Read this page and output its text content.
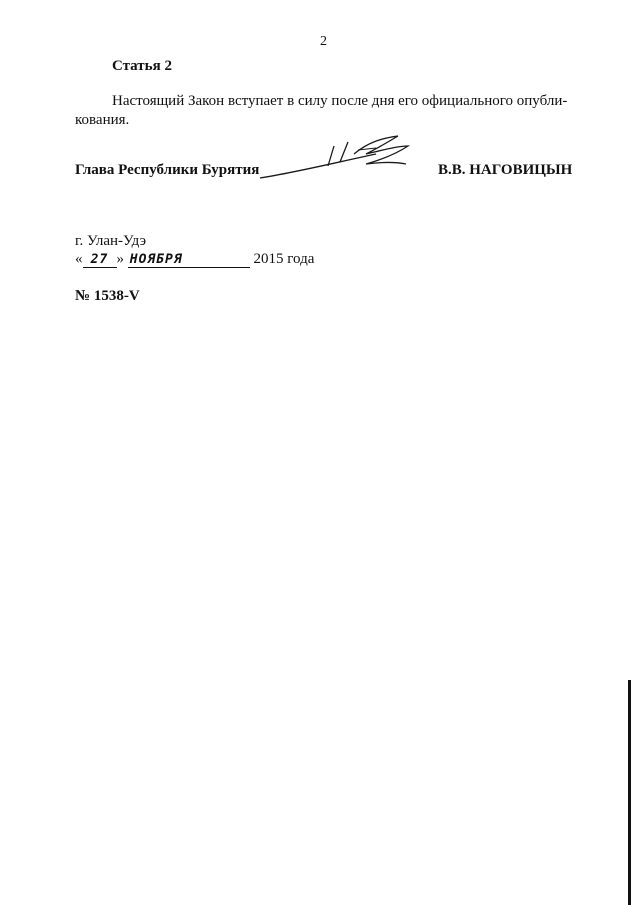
2
Статья 2
Настоящий Закон вступает в силу после дня его официального опубли-
кования.
Глава Республики Бурятия	В.В. НАГОВИЦЫН
г. Улан-Удэ
« 27 » НОЯБРЯ	2015 года
№ 1538-V
